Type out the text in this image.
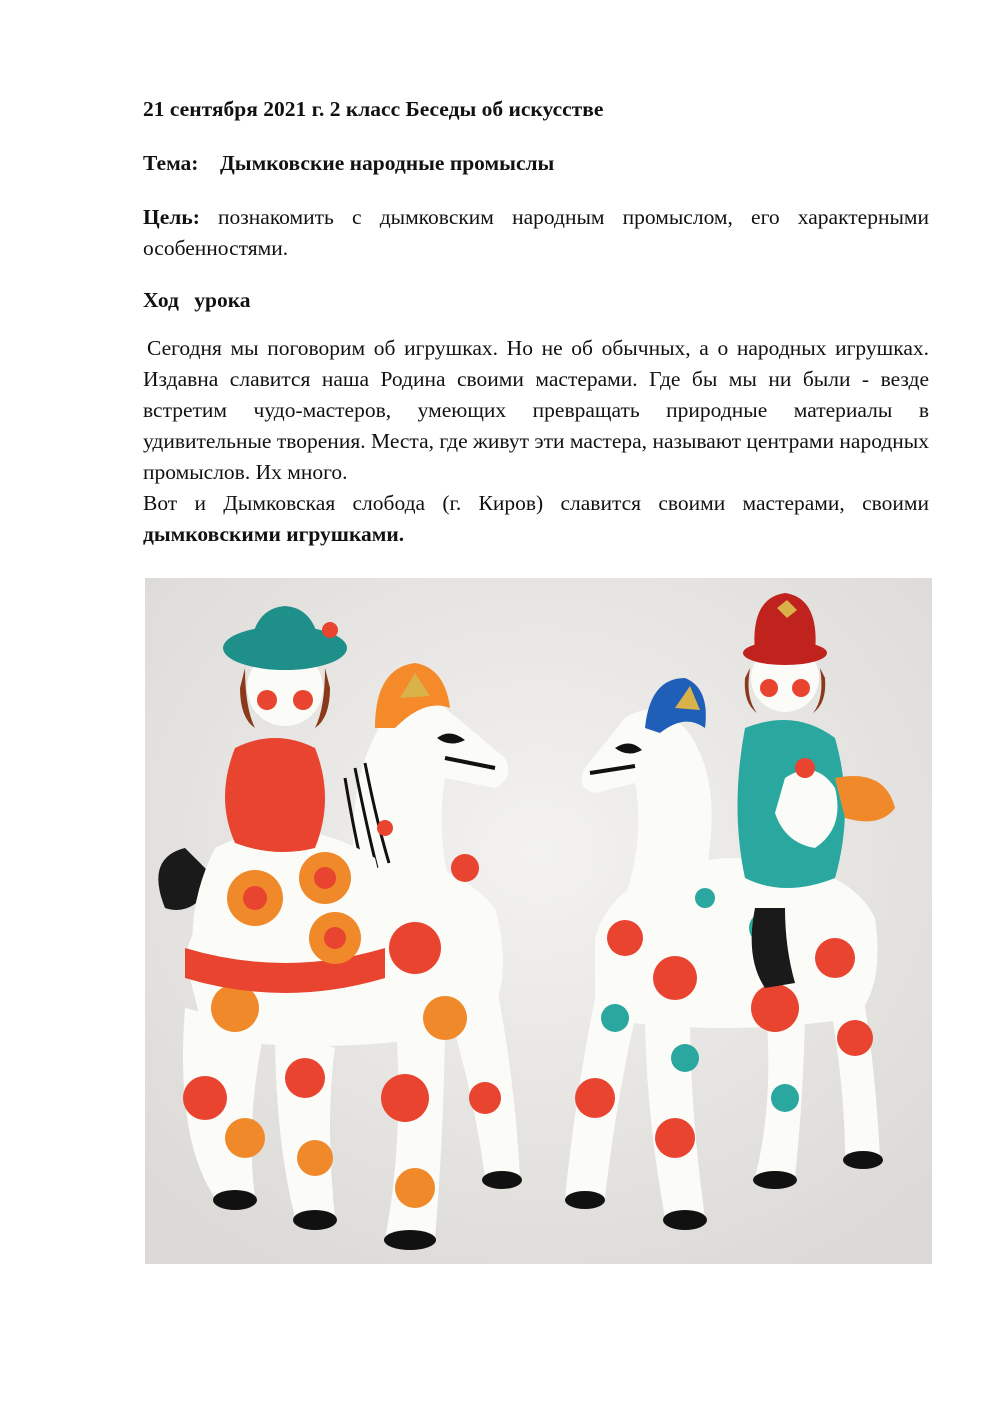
21 сентября 2021 г. 2 класс Беседы об искусстве
Тема: Дымковские народные промыслы
Цель: познакомить с дымковским народным промыслом, его характерными особенностями.
Ход урока

Сегодня мы поговорим об игрушках. Но не об обычных, а о народных игрушках. Издавна славится наша Родина своими мастерами. Где бы мы ни были - везде встретим чудо-мастеров, умеющих превращать природные материалы в удивительные творения. Места, где живут эти мастера, называют центрами народных промыслов. Их много.

Вот и Дымковская слобода (г. Киров) славится своими мастерами, своими дымковскими игрушками.
